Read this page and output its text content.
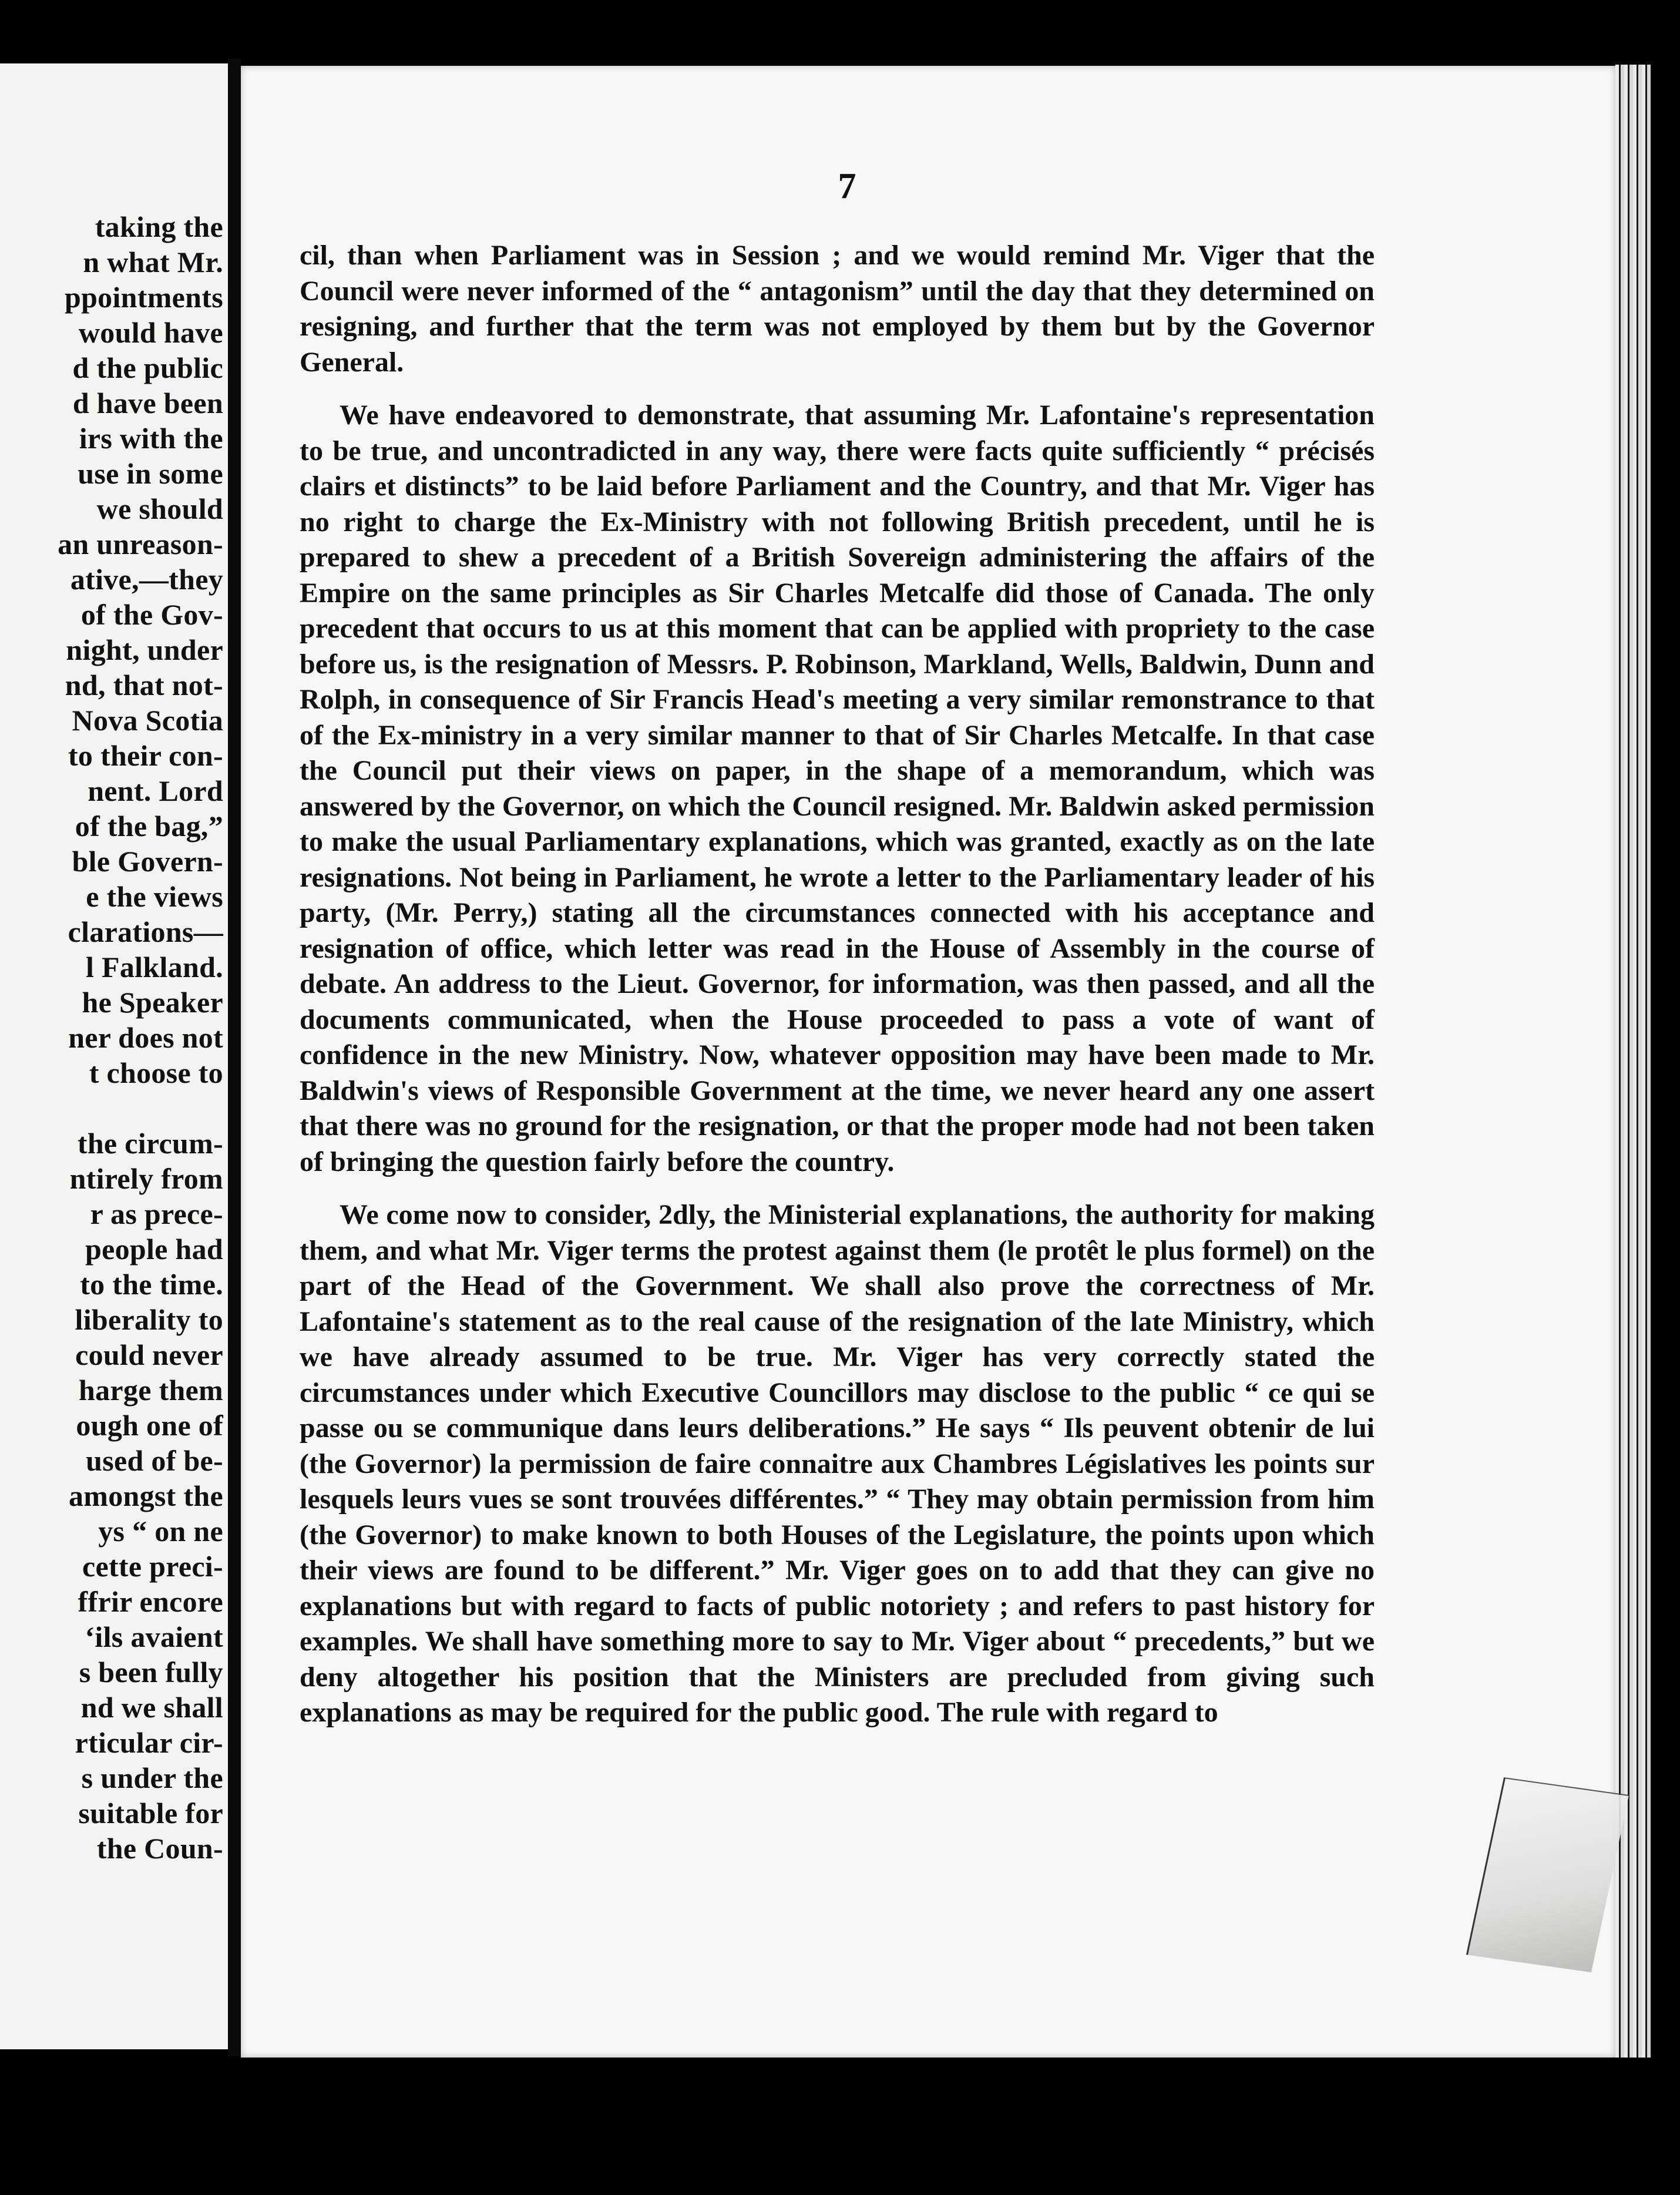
taking the

n what Mr.

ppointments

would have

d the public

d have been

irs with the

use in some

we should

an unreason-

ative,—they

of the Gov-

night, under

nd, that not-

Nova Scotia

to their con-

nent. Lord

of the bag,”

ble Govern-

e the views

clarations—

l Falkland.

he Speaker

ner does not

t choose to

the circum-

ntirely from

r as prece-

people had

to the time.

liberality to

could never

harge them

ough one of

used of be-

amongst the

ys “ on ne

cette preci-

ffrir encore

‘ils avaient

s been fully

nd we shall

rticular cir-

s under the

suitable for

the Coun-

7

cil, than when Parliament was in Session ; and we would remind Mr. Viger that the Council were never informed of the “ antagonism” until the day that they determined on resigning, and further that the term was not employed by them but by the Governor General.

We have endeavored to demonstrate, that assuming Mr. Lafontaine's representation to be true, and uncontradicted in any way, there were facts quite sufficiently “ précisés clairs et distincts” to be laid before Parliament and the Country, and that Mr. Viger has no right to charge the Ex-Ministry with not following British precedent, until he is prepared to shew a precedent of a British Sovereign administering the affairs of the Empire on the same principles as Sir Charles Metcalfe did those of Canada. The only precedent that occurs to us at this moment that can be applied with propriety to the case before us, is the resignation of Messrs. P. Robinson, Markland, Wells, Baldwin, Dunn and Rolph, in consequence of Sir Francis Head's meeting a very similar remonstrance to that of the Ex-ministry in a very similar manner to that of Sir Charles Metcalfe. In that case the Council put their views on paper, in the shape of a memorandum, which was answered by the Governor, on which the Council resigned. Mr. Baldwin asked permission to make the usual Parliamentary explanations, which was granted, exactly as on the late resignations. Not being in Parliament, he wrote a letter to the Parliamentary leader of his party, (Mr. Perry,) stating all the circumstances connected with his acceptance and resignation of office, which letter was read in the House of Assembly in the course of debate. An address to the Lieut. Governor, for information, was then passed, and all the documents communicated, when the House proceeded to pass a vote of want of confidence in the new Ministry. Now, whatever opposition may have been made to Mr. Baldwin's views of Responsible Government at the time, we never heard any one assert that there was no ground for the resignation, or that the proper mode had not been taken of bringing the question fairly before the country.

We come now to consider, 2dly, the Ministerial explanations, the authority for making them, and what Mr. Viger terms the protest against them (le protêt le plus formel) on the part of the Head of the Government. We shall also prove the correctness of Mr. Lafontaine's statement as to the real cause of the resignation of the late Ministry, which we have already assumed to be true. Mr. Viger has very correctly stated the circumstances under which Executive Councillors may disclose to the public “ ce qui se passe ou se communique dans leurs deliberations.” He says “ Ils peuvent obtenir de lui (the Governor) la permission de faire connaitre aux Chambres Législatives les points sur lesquels leurs vues se sont trouvées différentes.” “ They may obtain permission from him (the Governor) to make known to both Houses of the Legislature, the points upon which their views are found to be different.” Mr. Viger goes on to add that they can give no explanations but with regard to facts of public notoriety ; and refers to past history for examples. We shall have something more to say to Mr. Viger about “ precedents,” but we deny altogether his position that the Ministers are precluded from giving such explanations as may be required for the public good. The rule with regard to
